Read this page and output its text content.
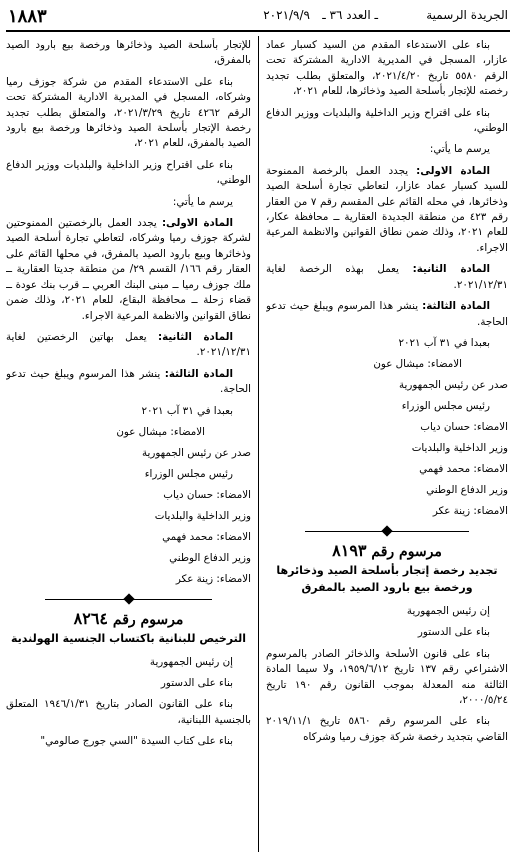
الجريدة الرسمية
ـ العدد ٣٦ ـ
٢٠٢١/٩/٩
١٨٨٣

بناء على الاستدعاء المقدم من السيد كسبار عماد عازار، المسجل في المديرية الادارية المشتركة تحت الرقم ٥٥٨٠ تاريخ ٢٠٢١/٤/٢٠، والمتعلق بطلب تجديد رخصته للإتجار بأسلحة الصيد وذخائرها، للعام ٢٠٢١،

بناء على اقتراح وزير الداخلية والبلديات ووزير الدفاع الوطني،

يرسم ما يأتي:

المادة الاولى: يجدد العمل بالرخصة الممنوحة للسيد كسبار عماد عازار، لتعاطي تجارة أسلحة الصيد وذخائرها، في محله القائم على المقسم رقم ٧ من العقار رقم ٤٢٣ من منطقة الجديدة العقارية ــ محافظة عكار، للعام ٢٠٢١، وذلك ضمن نطاق القوانين والانظمة المرعية الاجراء.

المادة الثانية: يعمل بهذه الرخصة لغاية ٢٠٢١/١٢/٣١.

المادة الثالثة: ينشر هذا المرسوم ويبلغ حيث تدعو الحاجة.

بعبدا في ٣١ آب ٢٠٢١
الامضاء: ميشال عون
صدر عن رئيس الجمهورية
رئيس مجلس الوزراء
الامضاء: حسان دياب
وزير الداخلية والبلديات
الامضاء: محمد فهمي
وزير الدفاع الوطني
الامضاء: زينة عكر
مرسوم رقم ٨١٩٣
تجديد رخصة إتجار بأسلحة الصيد وذخائرها ورخصة بيع بارود الصيد بالمفرق

إن رئيس الجمهورية

بناء على الدستور

بناء على قانون الأسلحة والذخائر الصادر بالمرسوم الاشتراعي رقم ١٣٧ تاريخ ١٩٥٩/٦/١٢، ولا سيما المادة الثالثة منه المعدلة بموجب القانون رقم ١٩٠ تاريخ ٢٠٠٠/٥/٢٤،

بناء على المرسوم رقم ٥٨٦٠ تاريخ ٢٠١٩/١١/١ القاضي بتجديد رخصة شركة جوزف رميا وشركاه

للإتجار بأسلحة الصيد وذخائرها ورخصة بيع بارود الصيد بالمفرق،

بناء على الاستدعاء المقدم من شركة جوزف رميا وشركاه، المسجل في المديرية الادارية المشتركة تحت الرقم ٤٢٦٢ تاريخ ٢٠٢١/٣/٢٩، والمتعلق بطلب تجديد رخصة الإتجار بأسلحة الصيد وذخائرها ورخصة بيع بارود الصيد بالمفرق، للعام ٢٠٢١،

بناء على اقتراح وزير الداخلية والبلديات ووزير الدفاع الوطني،

يرسم ما يأتي:

المادة الاولى: يجدد العمل بالرخصتين الممنوحتين لشركة جوزف رميا وشركاه، لتعاطي تجارة أسلحة الصيد وذخائرها وبيع بارود الصيد بالمفرق، في محلها القائم على العقار رقم ١٦٦/ القسم ٢٩/ من منطقة جديتا العقارية ــ ملك جوزف رميا ــ مبنى البنك العربي ــ قرب بنك عودة ــ قضاء زحلة ــ محافظة البقاع، للعام ٢٠٢١، وذلك ضمن نطاق القوانين والانظمة المرعية الاجراء.

المادة الثانية: يعمل بهاتين الرخصتين لغاية ٢٠٢١/١٢/٣١.

المادة الثالثة: ينشر هذا المرسوم ويبلغ حيث تدعو الحاجة.

بعبدا في ٣١ آب ٢٠٢١
الامضاء: ميشال عون
صدر عن رئيس الجمهورية
رئيس مجلس الوزراء
الامضاء: حسان دياب
وزير الداخلية والبلديات
الامضاء: محمد فهمي
وزير الدفاع الوطني
الامضاء: زينة عكر
مرسوم رقم ٨٢٦٤
الترخيص للبنانية باكتساب الجنسية الهولندية

إن رئيس الجمهورية

بناء على الدستور

بناء على القانون الصادر بتاريخ ١٩٤٦/١/٣١ المتعلق بالجنسية اللبنانية،

بناء على كتاب السيدة "السي جورج صالومي"
